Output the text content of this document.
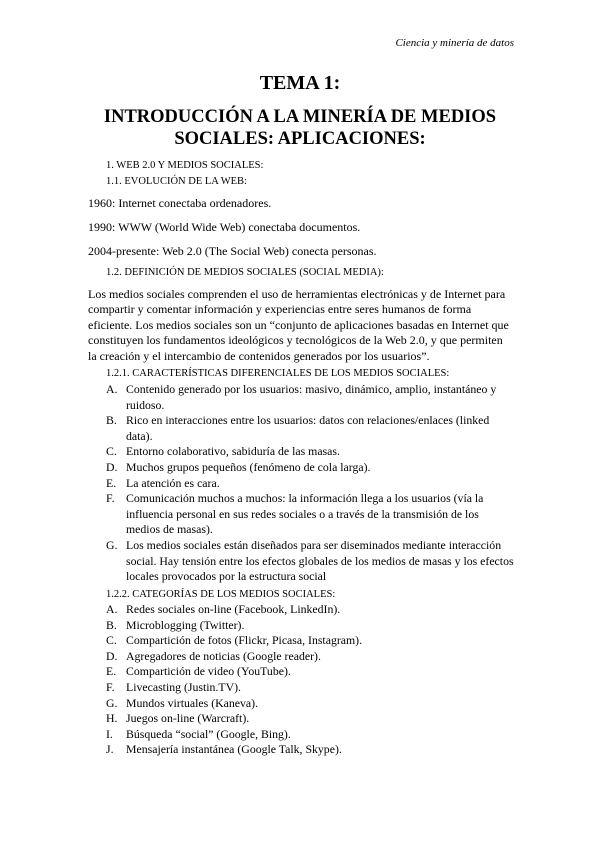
Ciencia y minería de datos
TEMA 1:
INTRODUCCIÓN A LA MINERÍA DE MEDIOS
SOCIALES: APLICACIONES:
1. WEB 2.0 Y MEDIOS SOCIALES:
1.1. EVOLUCIÓN DE LA WEB:
1960: Internet conectaba ordenadores.
1990: WWW (World Wide Web) conectaba documentos.
2004-presente: Web 2.0 (The Social Web) conecta personas.
1.2. DEFINICIÓN DE MEDIOS SOCIALES (SOCIAL MEDIA):
Los medios sociales comprenden el uso de herramientas electrónicas y de Internet para compartir y comentar información y experiencias entre seres humanos de forma eficiente. Los medios sociales son un “conjunto de aplicaciones basadas en Internet que constituyen los fundamentos ideológicos y tecnológicos de la Web 2.0, y que permiten la creación y el intercambio de contenidos generados por los usuarios”.
1.2.1. CARACTERÍSTICAS DIFERENCIALES DE LOS MEDIOS SOCIALES:
A. Contenido generado por los usuarios: masivo, dinámico, amplio, instantáneo y ruidoso.
B. Rico en interacciones entre los usuarios: datos con relaciones/enlaces (linked data).
C. Entorno colaborativo, sabiduría de las masas.
D. Muchos grupos pequeños (fenómeno de cola larga).
E. La atención es cara.
F. Comunicación muchos a muchos: la información llega a los usuarios (vía la influencia personal en sus redes sociales o a través de la transmisión de los medios de masas).
G. Los medios sociales están diseñados para ser diseminados mediante interacción social. Hay tensión entre los efectos globales de los medios de masas y los efectos locales provocados por la estructura social
1.2.2. CATEGORÍAS DE LOS MEDIOS SOCIALES:
A. Redes sociales on-line (Facebook, LinkedIn).
B. Microblogging (Twitter).
C. Compartición de fotos (Flickr, Picasa, Instagram).
D. Agregadores de noticias (Google reader).
E. Compartición de video (YouTube).
F. Livecasting (Justin.TV).
G. Mundos virtuales (Kaneva).
H. Juegos on-line (Warcraft).
I. Búsqueda “social” (Google, Bing).
J. Mensajería instantánea (Google Talk, Skype).
